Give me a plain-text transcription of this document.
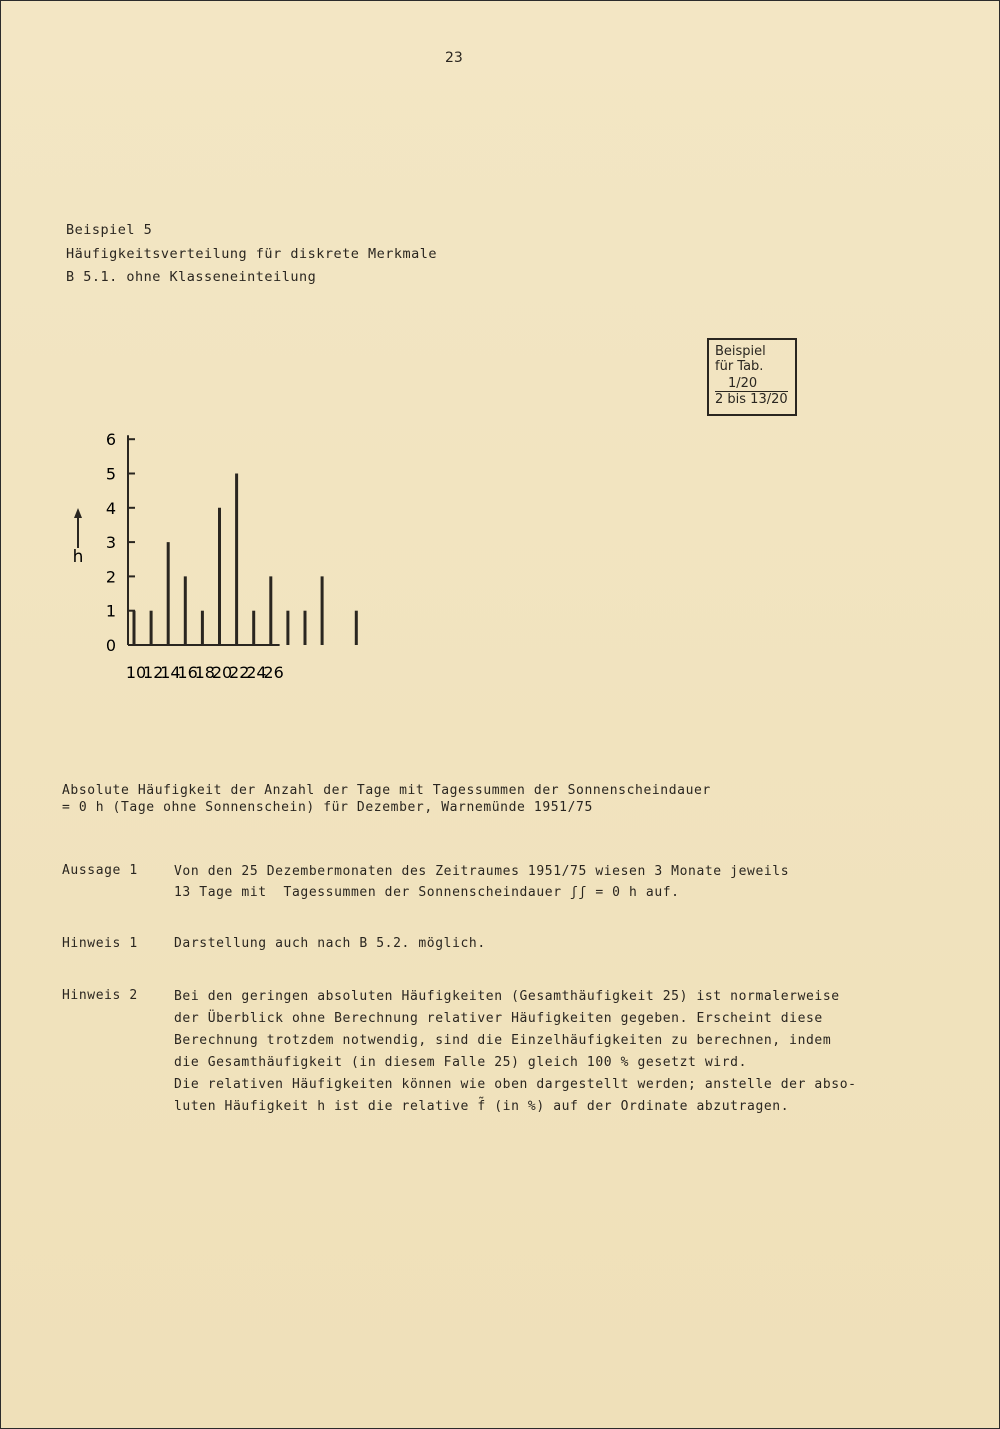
23
Beispiel 5
Häufigkeitsverteilung für diskrete Merkmale
B 5.1. ohne Klasseneinteilung
Beispiel
für Tab.
1/20
2 bis 13/20
0
1
2
3
4
5
6
10
12
14
16
18
20
22
24
26
h
Absolute Häufigkeit der Anzahl der Tage mit Tagessummen der Sonnenscheindauer
= 0 h (Tage ohne Sonnenschein) für Dezember, Warnemünde 1951/75
Aussage 1	Von den 25 Dezembermonaten des Zeitraumes 1951/75 wiesen 3 Monate jeweils
13 Tage mit  Tagessummen der Sonnenscheindauer ʃʃ = 0 h auf.
Hinweis 1	Darstellung auch nach B 5.2. möglich.
Hinweis 2	Bei den geringen absoluten Häufigkeiten (Gesamthäufigkeit 25) ist normalerweise
der Überblick ohne Berechnung relativer Häufigkeiten gegeben. Erscheint diese
Berechnung trotzdem notwendig, sind die Einzelhäufigkeiten zu berechnen, indem
die Gesamthäufigkeit (in diesem Falle 25) gleich 100 % gesetzt wird.
Die relativen Häufigkeiten können wie oben dargestellt werden; anstelle der abso-
luten Häufigkeit h ist die relative f̃ (in %) auf der Ordinate abzutragen.
